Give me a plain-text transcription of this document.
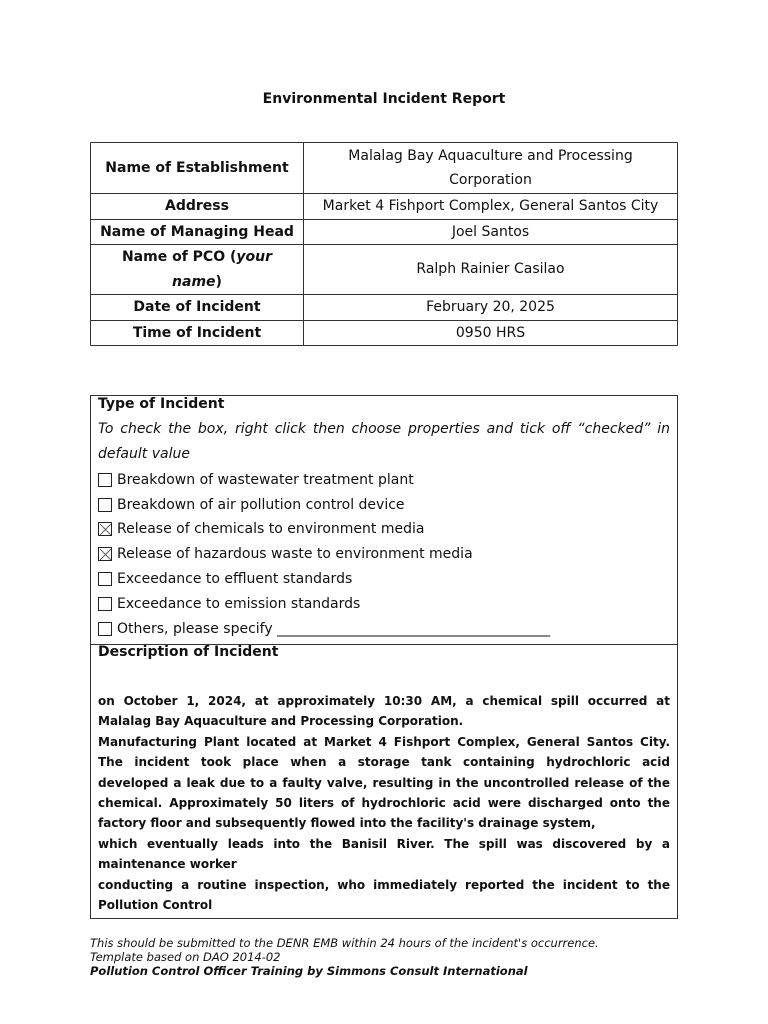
Environmental Incident Report
Name of Establishment	Malalag Bay Aquaculture and Processing
Corporation
Address	Market 4 Fishport Complex, General Santos City
Name of Managing Head	Joel Santos
Name of PCO (your
name)	Ralph Rainier Casilao
Date of Incident	February 20, 2025
Time of Incident	0950 HRS
Type of Incident
To check the box, right click then choose properties and tick off “checked” in default value
Breakdown of wastewater treatment plant
Breakdown of air pollution control device
Release of chemicals to environment media
Release of hazardous waste to environment media
Exceedance to effluent standards
Exceedance to emission standards
Others, please specify _______________________________________
Description of Incident

on October 1, 2024, at approximately 10:30 AM, a chemical spill occurred at Malalag Bay Aquaculture and Processing Corporation.

Manufacturing Plant located at Market 4 Fishport Complex, General Santos City. The incident took place when a storage tank containing hydrochloric acid developed a leak due to a faulty valve, resulting in the uncontrolled release of the chemical. Approximately 50 liters of hydrochloric acid were discharged onto the factory floor and subsequently flowed into the facility's drainage system,

which eventually leads into the Banisil River. The spill was discovered by a maintenance worker

conducting a routine inspection, who immediately reported the incident to the Pollution Control

This should be submitted to the DENR EMB within 24 hours of the incident's occurrence.
Template based on DAO 2014-02
Pollution Control Officer Training by Simmons Consult International
